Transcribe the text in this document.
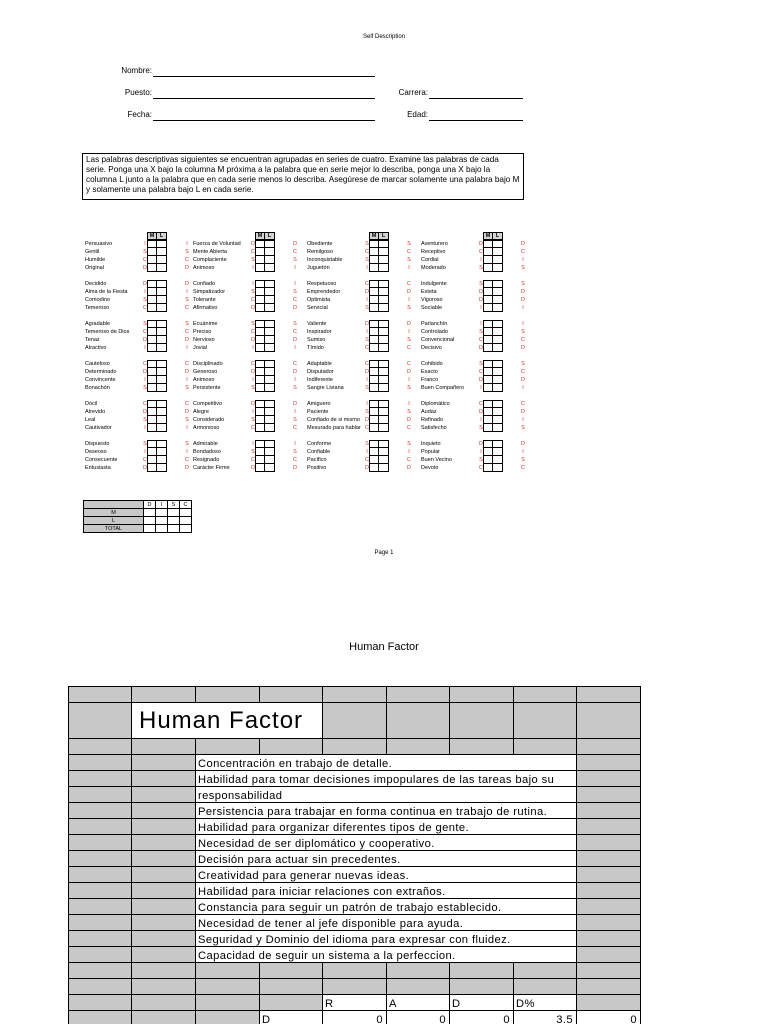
Self Description
Nombre:
Puesto:
Fecha:
Carrera:
Edad:
Las palabras descriptivas siguientes se encuentran agrupadas en series de cuatro. Examine las palabras de cada serie. Ponga una X bajo la columna M próxima a la palabra que en serie mejor lo describa, ponga una X bajo la columna L junto a la palabra que en cada serie menos lo describa. Asegúrese de marcar solamente una palabra bajo M y solamente una palabra bajo L en cada serie.
M	L
Persuasivo	I	I
Gentil	S	S
Humilde	C	C
Original	D	D
Decidido	D	D
Alma de la Fiesta	I	I
Comodino	S	S
Temeroso	C	C
Agradable	S	S
Temeroso de Dios C	C
Tenaz	D	D
Atractivo	I	I
Cauteloso	C	C
Determinado	D	D
Convincente	I	I
Bonachón	S	S
Dócil	C	C
Atrevido	D	D
Leal	S	S
Cautivador	I	I
Dispuesto	S	S
Deseoso	I	I
Consecuente	C	C
Entusiasta	D	D
M	L
Fuerza de Voluntad D	D
Mente Abierta	C	C
Complaciente	S	S
Animoso	I	I
Confiado	I	I
Simpatizador	S	S
Tolerante	C	C
Afirmativo	D	D
Ecuánime	S	S
Preciso	C	C
Nervioso	D	D
Jovial	I	I
Disciplinado	C	C
Generoso	D	D
Animoso	I	I
Persistente	S	S
Competitivo	D	D
Alegre	I	I
Considerado	S	S
Armonioso	C	C
Admirable	I	I
Bondadoso	S	S
Resignado	C	C
Carácter Firme	D	D
M	L
Obediente	S	S
Remilgoso	C	C
Inconquistable	S	S
Juguetón	I	I
Respetuoso	C	C
Emprendedor	D	D
Optimista	I	I
Servicial	S	S
Valiente	D	D
Inspirador	I	I
Sumiso	S	S
Tímido	C	C
Adaptable	C	C
Disputador	D	D
Indiferente	I	I
Sangre Liviana	S	S
Amiguero	I	I
Paciente	S	S
Confiado de si mismo D	D
Mesurado para hablar C	C
Conforme	S	S
Confiable	I	I
Pacífico	C	C
Positivo	D	D
M	L
Aventurero	D	D
Receptivo	C	C
Cordial	I	I
Moderado	S	S
Indulgente	S	S
Esteta	D	D
Vigoroso	D	D
Sociable	I	I
Parlanchín	I	I
Controlado	S	S
Convencional	C	C
Decisivo	D	D
Cohibido	S	S
Exacto	C	C
Franco	D	D
Buen Compañero	I	I
Diplomático	C	C
Audaz	D	D
Refinado	I	I
Satisfecho	S	S
Inquieto	D	D
Popular	I	I
Buen Vecino	S	S
Devoto	C	C
	D	I	S	C
M				
L				
TOTAL				
Page 1
Human Factor

	Human Factor							

		Concentración en trabajo de detalle.						
		Habilidad para tomar decisiones impopulares de las tareas bajo su						
		responsabilidad						
		Persistencia para trabajar en forma continua en trabajo de rutina.						
		Habilidad para organizar diferentes tipos de gente.						
		Necesidad de ser diplomático y cooperativo.						
		Decisión para actuar sin precedentes.						
		Creatividad para generar nuevas ideas.						
		Habilidad para iniciar relaciones con extraños.						
		Constancia para seguir un patrón de trabajo establecido.						
		Necesidad de tener al jefe disponible para ayuda.						
		Seguridad y Dominio del idioma para expresar con fluidez.						
		Capacidad de seguir un sistema a la perfeccion.						

				R	A	D	D%	
			D	0	0	0	3.5	0
